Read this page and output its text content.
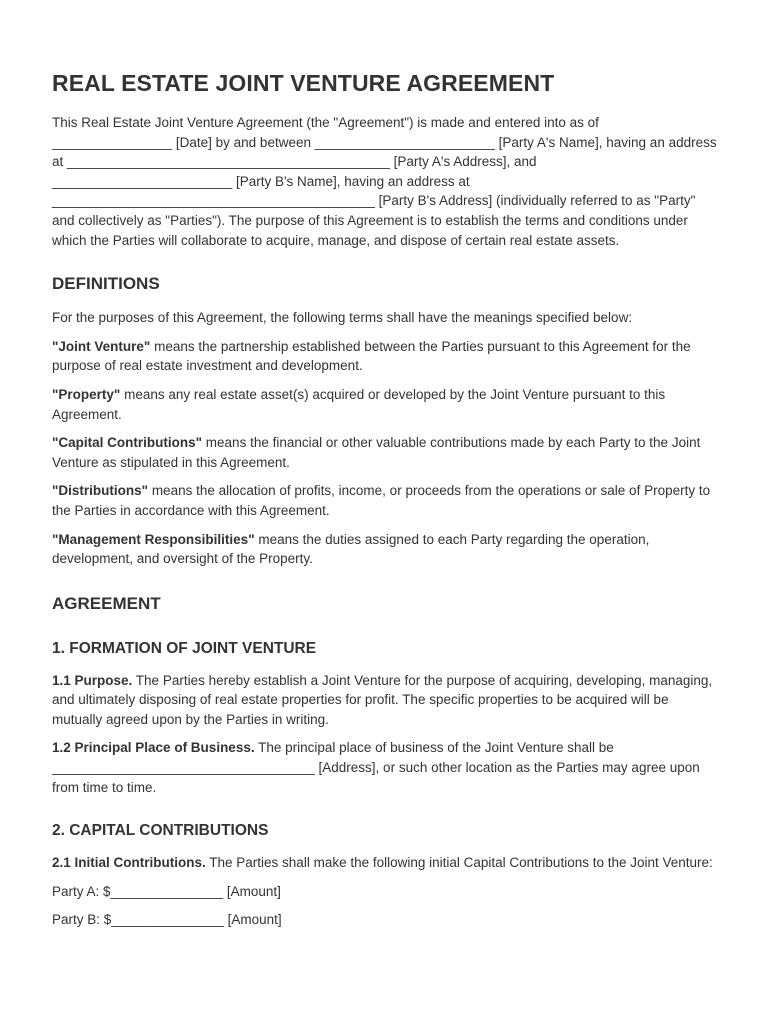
REAL ESTATE JOINT VENTURE AGREEMENT

This Real Estate Joint Venture Agreement (the "Agreement") is made and entered into as of ________________ [Date] by and between ________________________ [Party A's Name], having an address at ___________________________________________ [Party A's Address], and ________________________ [Party B's Name], having an address at ___________________________________________ [Party B's Address] (individually referred to as "Party" and collectively as "Parties"). The purpose of this Agreement is to establish the terms and conditions under which the Parties will collaborate to acquire, manage, and dispose of certain real estate assets.

DEFINITIONS

For the purposes of this Agreement, the following terms shall have the meanings specified below:

"Joint Venture" means the partnership established between the Parties pursuant to this Agreement for the purpose of real estate investment and development.

"Property" means any real estate asset(s) acquired or developed by the Joint Venture pursuant to this Agreement.

"Capital Contributions" means the financial or other valuable contributions made by each Party to the Joint Venture as stipulated in this Agreement.

"Distributions" means the allocation of profits, income, or proceeds from the operations or sale of Property to the Parties in accordance with this Agreement.

"Management Responsibilities" means the duties assigned to each Party regarding the operation, development, and oversight of the Property.

AGREEMENT
1. FORMATION OF JOINT VENTURE

1.1 Purpose. The Parties hereby establish a Joint Venture for the purpose of acquiring, developing, managing, and ultimately disposing of real estate properties for profit. The specific properties to be acquired will be mutually agreed upon by the Parties in writing.

1.2 Principal Place of Business. The principal place of business of the Joint Venture shall be ___________________________________ [Address], or such other location as the Parties may agree upon from time to time.

2. CAPITAL CONTRIBUTIONS

2.1 Initial Contributions. The Parties shall make the following initial Capital Contributions to the Joint Venture:

Party A: $_______________ [Amount]

Party B: $_______________ [Amount]
